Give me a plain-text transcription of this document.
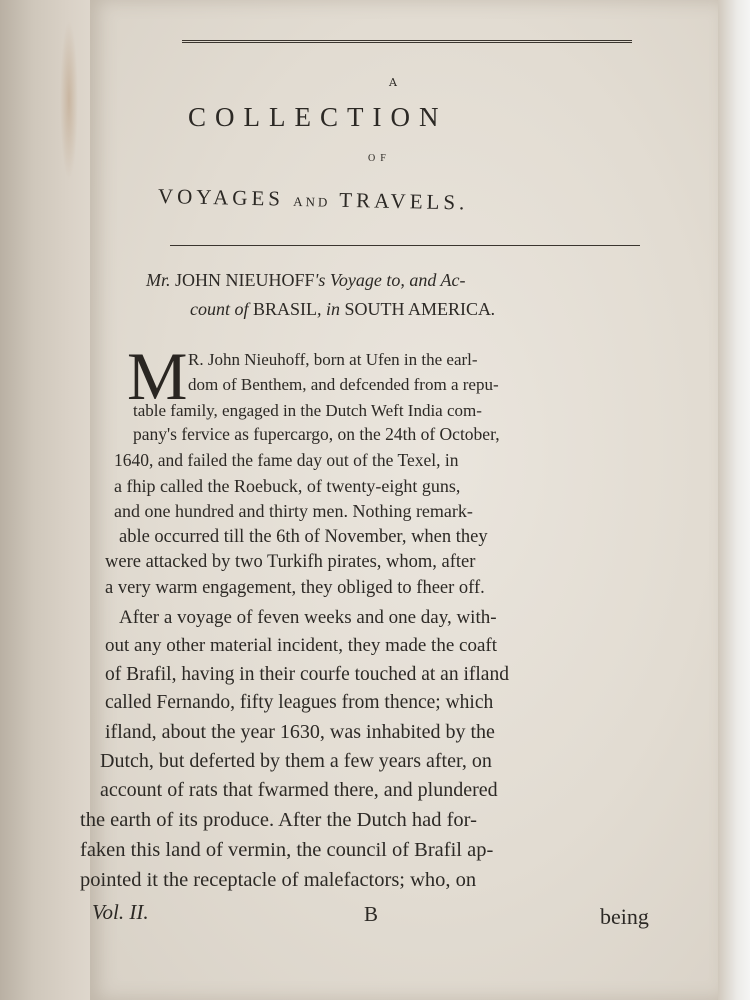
A
COLLECTION
OF
VOYAGES AND TRAVELS.
Mr. JOHN NIEUHOFF's Voyage to, and Ac-
count of BRASIL, in SOUTH AMERICA.
M R. John Nieuhoff, born at Ufen in the earl-
dom of Benthem, and defcended from a repu-
table family, engaged in the Dutch Weft India com-
pany's fervice as fupercargo, on the 24th of October,
1640, and failed the fame day out of the Texel, in
a fhip called the Roebuck, of twenty-eight guns,
and one hundred and thirty men. Nothing remark-
able occurred till the 6th of November, when they
were attacked by two Turkifh pirates, whom, after
a very warm engagement, they obliged to fheer off.
After a voyage of feven weeks and one day, with-
out any other material incident, they made the coaft
of Brafil, having in their courfe touched at an ifland
called Fernando, fifty leagues from thence; which
ifland, about the year 1630, was inhabited by the
Dutch, but deferted by them a few years after, on
account of rats that fwarmed there, and plundered
the earth of its produce. After the Dutch had for-
faken this land of vermin, the council of Brafil ap-
pointed it the receptacle of malefactors; who, on
Vol. II.	B	being
